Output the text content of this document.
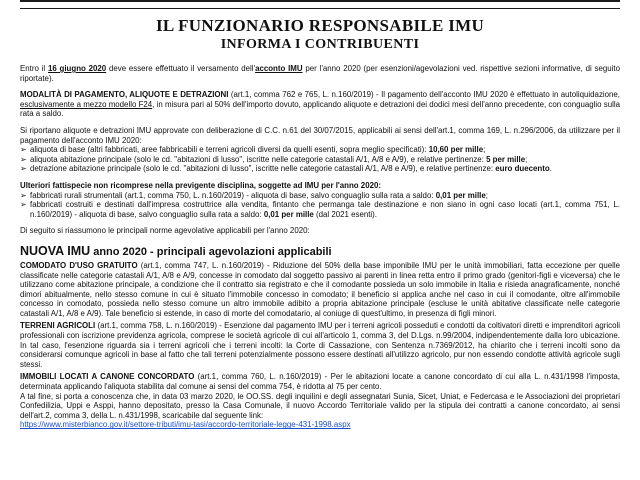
IL FUNZIONARIO RESPONSABILE IMU
INFORMA I CONTRIBUENTI

Entro il 16 giugno 2020 deve essere effettuato il versamento dell'acconto IMU per l'anno 2020 (per esenzioni/agevolazioni ved. rispettive sezioni informative, di seguito riportate).

MODALITÀ DI PAGAMENTO, ALIQUOTE E DETRAZIONI (art.1, comma 762 e 765, L. n.160/2019) - Il pagamento dell'acconto IMU 2020 è effettuato in autoliquidazione, esclusivamente a mezzo modello F24, in misura pari al 50% dell'importo dovuto, applicando aliquote e detrazioni dei dodici mesi dell'anno precedente, con conguaglio sulla rata a saldo.

Si riportano aliquote e detrazioni IMU approvate con deliberazione di C.C. n.61 del 30/07/2015, applicabili ai sensi dell'art.1, comma 169, L. n.296/2006, da utilizzare per il pagamento dell'acconto IMU 2020:

➢ aliquota di base (altri fabbricati, aree fabbricabili e terreni agricoli diversi da quelli esenti, sopra meglio specificati): 10,60 per mille;
➢ aliquota abitazione principale (solo le cd. "abitazioni di lusso", iscritte nelle categorie catastali A/1, A/8 e A/9), e relative pertinenze: 5 per mille;
➢ detrazione abitazione principale (solo le cd. "abitazioni di lusso", iscritte nelle categorie catastali A/1, A/8 e A/9), e relative pertinenze: euro duecento.

Ulteriori fattispecie non ricomprese nella previgente disciplina, soggette ad IMU per l'anno 2020:

➢ fabbricati rurali strumentali (art.1, comma 750, L. n.160/2019) - aliquota di base, salvo conguaglio sulla rata a saldo: 0,01 per mille;
➢ fabbricati costruiti e destinati dall'impresa costruttrice alla vendita, fintanto che permanga tale destinazione e non siano in ogni caso locati (art.1, comma 751, L. n.160/2019) - aliquota di base, salvo conguaglio sulla rata a saldo: 0,01 per mille (dal 2021 esenti).

Di seguito si riassumono le principali norme agevolative applicabili per l'anno 2020:

NUOVA IMU anno 2020 - principali agevolazioni applicabili

COMODATO D'USO GRATUITO (art.1, comma 747, L. n.160/2019) - Riduzione del 50% della base imponibile IMU per le unità immobiliari, fatta eccezione per quelle classificate nelle categorie catastali A/1, A/8 e A/9, concesse in comodato dal soggetto passivo ai parenti in linea retta entro il primo grado (genitori-figli e viceversa) che le utilizzano come abitazione principale, a condizione che il contratto sia registrato e che il comodante possieda un solo immobile in Italia e risieda anagraficamente, nonché dimori abitualmente, nello stesso comune in cui è situato l'immobile concesso in comodato; il beneficio si applica anche nel caso in cui il comodante, oltre all'immobile concesso in comodato, possieda nello stesso comune un altro immobile adibito a propria abitazione principale (escluse le unità abitative classificate nelle categorie catastali A/1, A/8 e A/9). Tale beneficio si estende, in caso di morte del comodatario, al coniuge di quest'ultimo, in presenza di figli minori.

TERRENI AGRICOLI (art.1, comma 758, L. n.160/2019) - Esenzione dal pagamento IMU per i terreni agricoli posseduti e condotti da coltivatori diretti e imprenditori agricoli professionali con iscrizione previdenza agricola, comprese le società agricole di cui all'articolo 1, comma 3, del D.Lgs. n.99/2004, indipendentemente dalla loro ubicazione. In tal caso, l'esenzione riguarda sia i terreni agricoli che i terreni incolti: la Corte di Cassazione, con Sentenza n.7369/2012, ha chiarito che i terreni incolti sono da considerarsi comunque agricoli in base al fatto che tali terreni potenzialmente possono essere destinati all'utilizzo agricolo, pur non essendo condotte attività agricole sugli stessi.

IMMOBILI LOCATI A CANONE CONCORDATO (art.1, comma 760, L. n.160/2019) - Per le abitazioni locate a canone concordato di cui alla L. n.431/1998 l'imposta, determinata applicando l'aliquota stabilita dal comune ai sensi del comma 754, è ridotta al 75 per cento.

A tal fine, si porta a conoscenza che, in data 03 marzo 2020, le OO.SS. degli inquilini e degli assegnatari Sunia, Sicet, Uniat, e Federcasa e le Associazioni dei proprietari Confedilizia, Uppi e Asppi, hanno depositato, presso la Casa Comunale, il nuovo Accordo Territoriale valido per la stipula dei contratti a canone concordato, ai sensi dell'art.2, comma 3, della L. n.431/1998, scaricabile dal seguente link:

https://www.misterbianco.gov.it/settore-tributi/imu-tasi/accordo-territoriale-legge-431-1998.aspx
